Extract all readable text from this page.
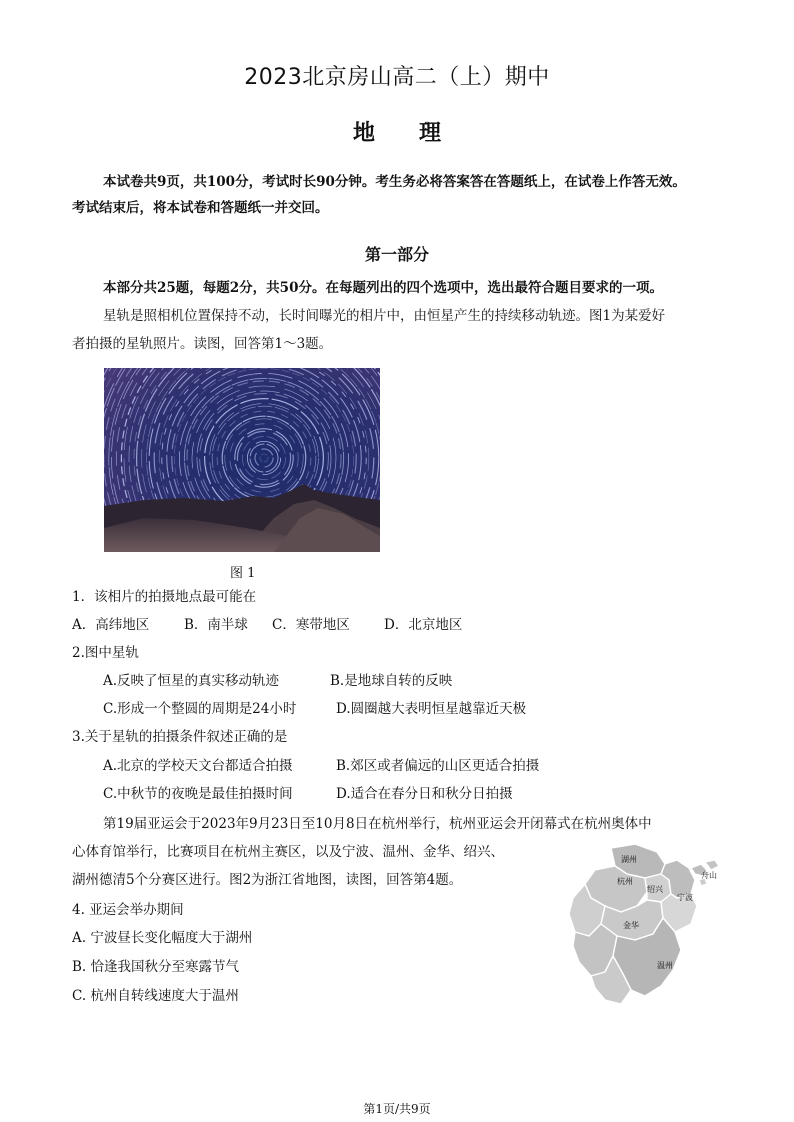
2023北京房山高二（上）期中
地 理
本试卷共9页，共100分，考试时长90分钟。考生务必将答案答在答题纸上，在试卷上作答无效。
考试结束后，将本试卷和答题纸一并交回。
第一部分
本部分共25题，每题2分，共50分。在每题列出的四个选项中，选出最符合题目要求的一项。
星轨是照相机位置保持不动，长时间曝光的相片中，由恒星产生的持续移动轨迹。图1为某爱好
者拍摄的星轨照片。读图，回答第1～3题。
图 1
1．该相片的拍摄地点最可能在
A．高纬地区	B．南半球 C．寒带地区	D．北京地区
2.图中星轨
A.反映了恒星的真实移动轨迹	B.是地球自转的反映
C.形成一个整圆的周期是24小时	D.圆圈越大表明恒星越靠近天极
3.关于星轨的拍摄条件叙述正确的是
A.北京的学校天文台都适合拍摄	B.郊区或者偏远的山区更适合拍摄
C.中秋节的夜晚是最佳拍摄时间	D.适合在春分日和秋分日拍摄
第19届亚运会于2023年9月23日至10月8日在杭州举行，杭州亚运会开闭幕式在杭州奥体中
心体育馆举行，比赛项目在杭州主赛区，以及宁波、温州、金华、绍兴、
湖州德清5个分赛区进行。图2为浙江省地图，读图，回答第4题。
湖州
杭州
绍兴
宁波
舟山
金华
温州
4. 亚运会举办期间
A. 宁波昼长变化幅度大于湖州
B. 恰逢我国秋分至寒露节气
C. 杭州自转线速度大于温州
第1页/共9页
